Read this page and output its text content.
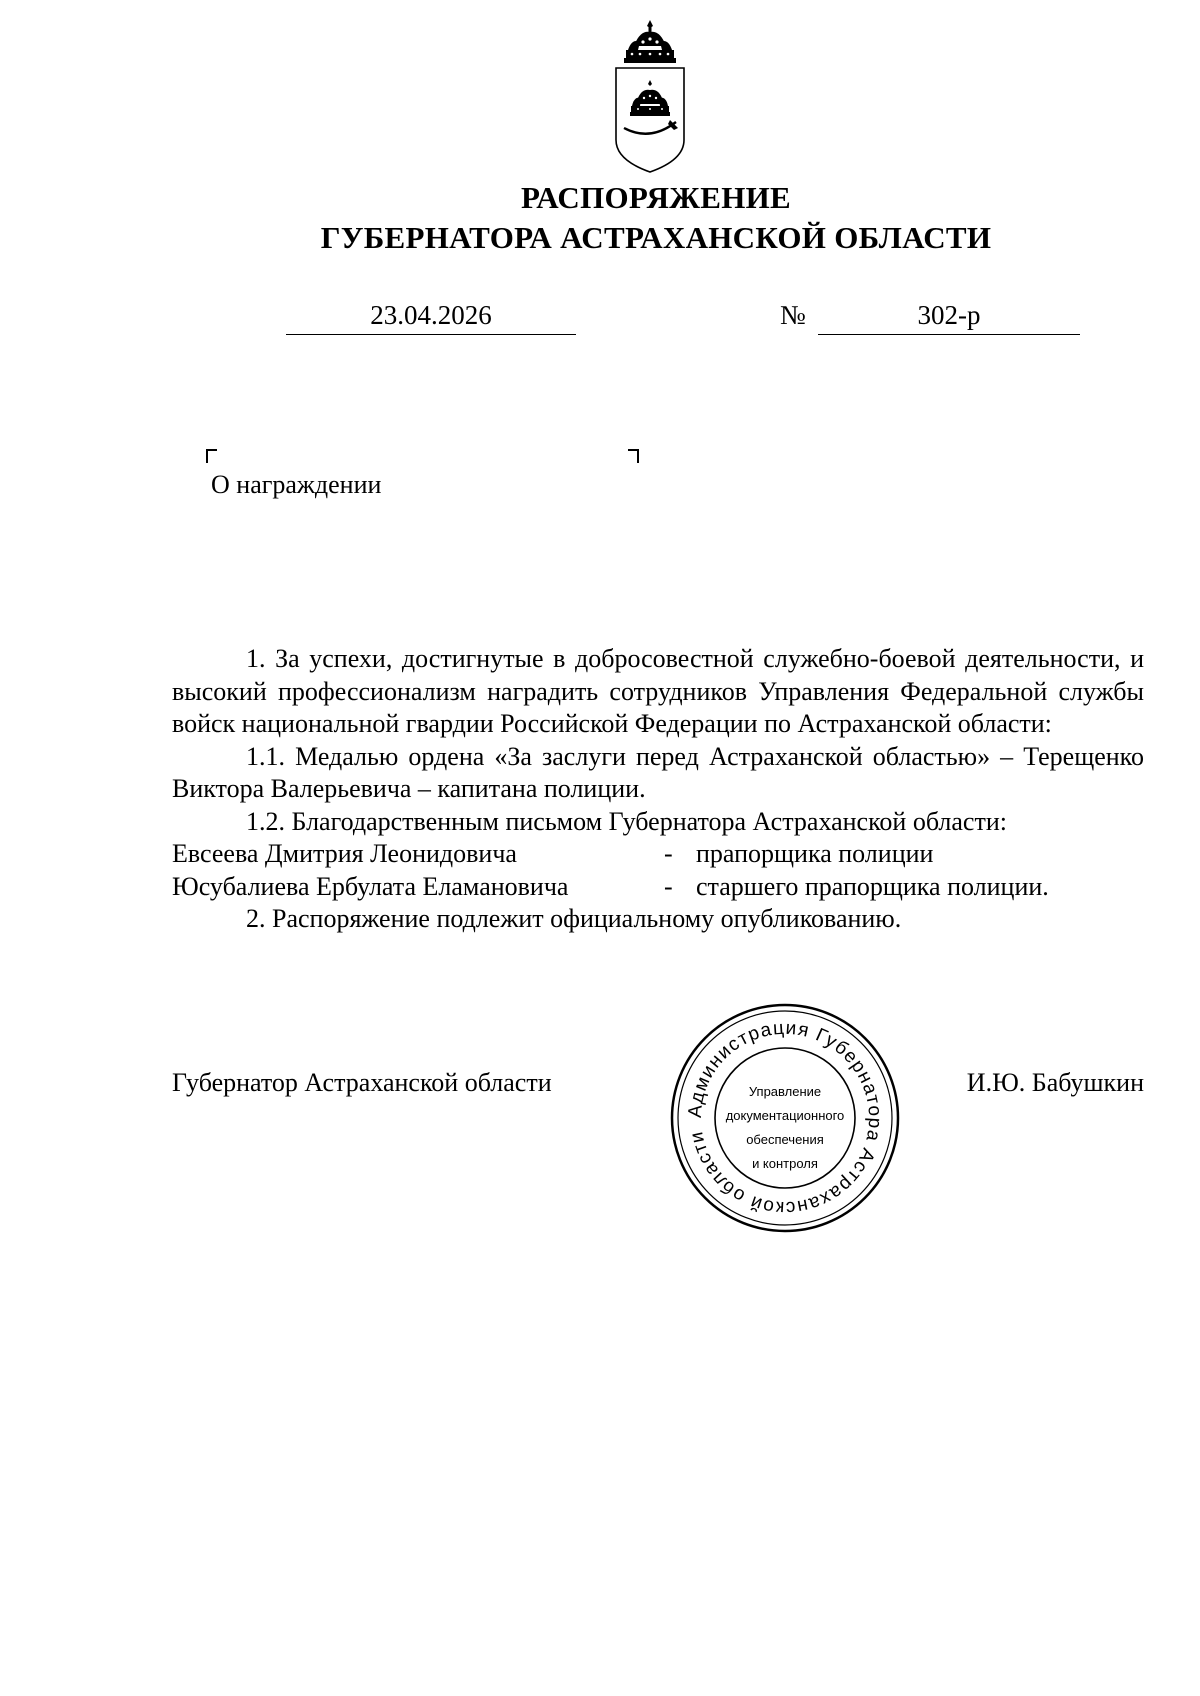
РАСПОРЯЖЕНИЕ
ГУБЕРНАТОРА АСТРАХАНСКОЙ ОБЛАСТИ
23.04.2026	№	302-р
О награждении

1. За успехи, достигнутые в добросовестной служебно-боевой деятельности, и высокий профессионализм наградить сотрудников Управления Федеральной службы войск национальной гвардии Российской Федерации по Астраханской области:

1.1. Медалью ордена «За заслуги перед Астраханской областью» – Терещенко Виктора Валерьевича – капитана полиции.

1.2. Благодарственным письмом Губернатора Астраханской области:

Евсеева Дмитрия Леонидовича	- прапорщика полиции
Юсубалиева Ербулата Еламановича	- старшего прапорщика полиции.

2. Распоряжение подлежит официальному опубликованию.

Губернатор Астраханской области	И.Ю. Бабушкин
Администрация Губернатора Астраханской области
Управление
документационного
обеспечения
и контроля
